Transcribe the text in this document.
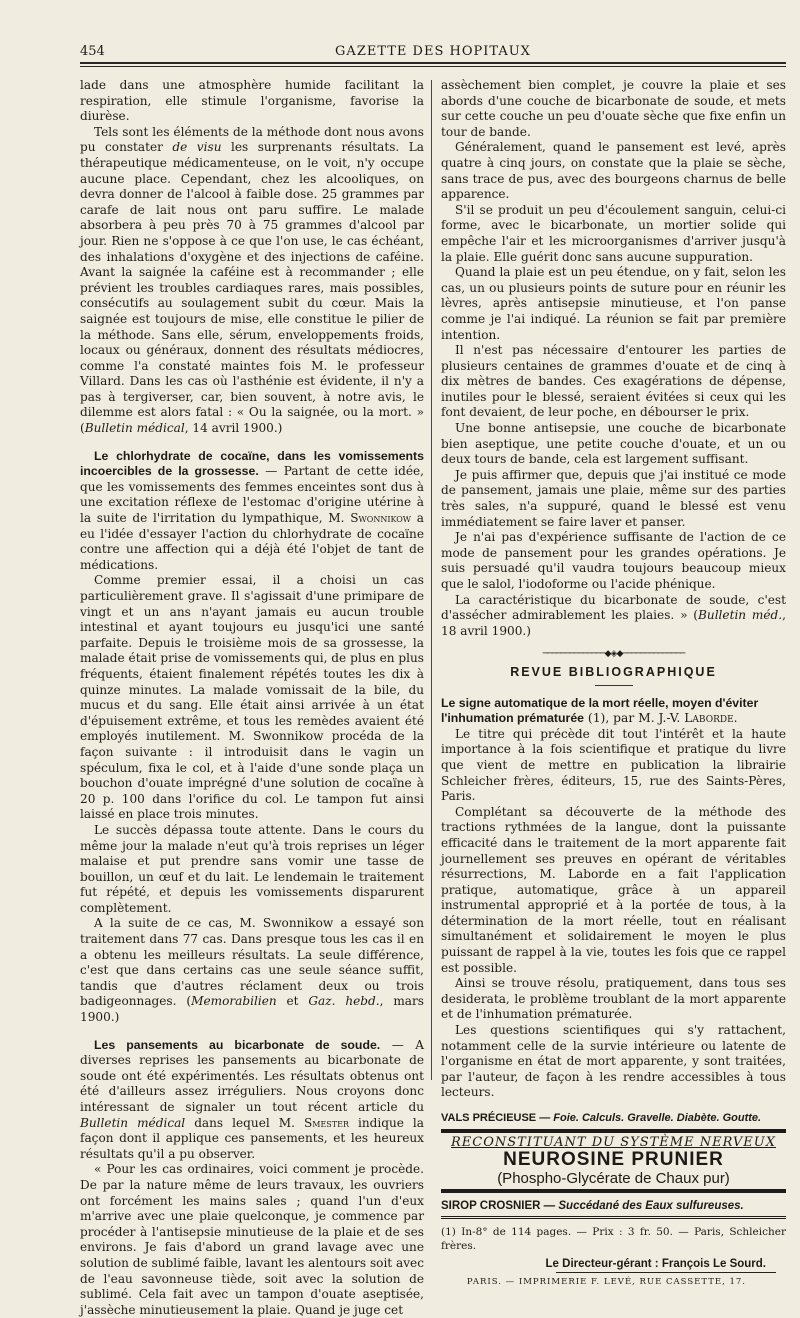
454	GAZETTE DES HOPITAUX

lade dans une atmosphère humide facilitant la respiration, elle stimule l'organisme, favorise la diurèse.

Tels sont les éléments de la méthode dont nous avons pu constater de visu les surprenants résultats. La thérapeutique médicamenteuse, on le voit, n'y occupe aucune place. Cependant, chez les alcooliques, on devra donner de l'alcool à faible dose. 25 grammes par carafe de lait nous ont paru suffire. Le malade absorbera à peu près 70 à 75 grammes d'alcool par jour. Rien ne s'oppose à ce que l'on use, le cas échéant, des inhalations d'oxygène et des injections de caféine. Avant la saignée la caféine est à recommander ; elle prévient les troubles cardiaques rares, mais possibles, consécutifs au soulagement subit du cœur. Mais la saignée est toujours de mise, elle constitue le pilier de la méthode. Sans elle, sérum, enveloppements froids, locaux ou généraux, donnent des résultats médiocres, comme l'a constaté maintes fois M. le professeur Villard. Dans les cas où l'asthénie est évidente, il n'y a pas à tergiverser, car, bien souvent, à notre avis, le dilemme est alors fatal : « Ou la saignée, ou la mort. » (Bulletin médical, 14 avril 1900.)

Le chlorhydrate de cocaïne, dans les vomissements incoercibles de la grossesse. — Partant de cette idée, que les vomissements des femmes enceintes sont dus à une excitation réflexe de l'estomac d'origine utérine à la suite de l'irritation du lympathique, M. Swonnikow a eu l'idée d'essayer l'action du chlorhydrate de cocaïne contre une affection qui a déjà été l'objet de tant de médications.

Comme premier essai, il a choisi un cas particulièrement grave. Il s'agissait d'une primipare de vingt et un ans n'ayant jamais eu aucun trouble intestinal et ayant toujours eu jusqu'ici une santé parfaite. Depuis le troisième mois de sa grossesse, la malade était prise de vomissements qui, de plus en plus fréquents, étaient finalement répétés toutes les dix à quinze minutes. La malade vomissait de la bile, du mucus et du sang. Elle était ainsi arrivée à un état d'épuisement extrême, et tous les remèdes avaient été employés inutilement. M. Swonnikow procéda de la façon suivante : il introduisit dans le vagin un spéculum, fixa le col, et à l'aide d'une sonde plaça un bouchon d'ouate imprégné d'une solution de cocaïne à 20 p. 100 dans l'orifice du col. Le tampon fut ainsi laissé en place trois minutes.

Le succès dépassa toute attente. Dans le cours du même jour la malade n'eut qu'à trois reprises un léger malaise et put prendre sans vomir une tasse de bouillon, un œuf et du lait. Le lendemain le traitement fut répété, et depuis les vomissements disparurent complètement.

A la suite de ce cas, M. Swonnikow a essayé son traitement dans 77 cas. Dans presque tous les cas il en a obtenu les meilleurs résultats. La seule différence, c'est que dans certains cas une seule séance suffit, tandis que d'autres réclament deux ou trois badigeonnages. (Memorabilien et Gaz. hebd., mars 1900.)

Les pansements au bicarbonate de soude. — A diverses reprises les pansements au bicarbonate de soude ont été expérimentés. Les résultats obtenus ont été d'ailleurs assez irréguliers. Nous croyons donc intéressant de signaler un tout récent article du Bulletin médical dans lequel M. Smester indique la façon dont il applique ces pansements, et les heureux résultats qu'il a pu observer.

« Pour les cas ordinaires, voici comment je procède. De par la nature même de leurs travaux, les ouvriers ont forcément les mains sales ; quand l'un d'eux m'arrive avec une plaie quelconque, je commence par procéder à l'antisepsie minutieuse de la plaie et de ses environs. Je fais d'abord un grand lavage avec une solution de sublimé faible, lavant les alentours soit avec de l'eau savonneuse tiède, soit avec la solution de sublimé. Cela fait avec un tampon d'ouate aseptisée, j'assèche minutieusement la plaie. Quand je juge cet

assèchement bien complet, je couvre la plaie et ses abords d'une couche de bicarbonate de soude, et mets sur cette couche un peu d'ouate sèche que fixe enfin un tour de bande.

Généralement, quand le pansement est levé, après quatre à cinq jours, on constate que la plaie se sèche, sans trace de pus, avec des bourgeons charnus de belle apparence.

S'il se produit un peu d'écoulement sanguin, celui-ci forme, avec le bicarbonate, un mortier solide qui empêche l'air et les microorganismes d'arriver jusqu'à la plaie. Elle guérit donc sans aucune suppuration.

Quand la plaie est un peu étendue, on y fait, selon les cas, un ou plusieurs points de suture pour en réunir les lèvres, après antisepsie minutieuse, et l'on panse comme je l'ai indiqué. La réunion se fait par première intention.

Il n'est pas nécessaire d'entourer les parties de plusieurs centaines de grammes d'ouate et de cinq à dix mètres de bandes. Ces exagérations de dépense, inutiles pour le blessé, seraient évitées si ceux qui les font devaient, de leur poche, en débourser le prix.

Une bonne antisepsie, une couche de bicarbonate bien aseptique, une petite couche d'ouate, et un ou deux tours de bande, cela est largement suffisant.

Je puis affirmer que, depuis que j'ai institué ce mode de pansement, jamais une plaie, même sur des parties très sales, n'a suppuré, quand le blessé est venu immédiatement se faire laver et panser.

Je n'ai pas d'expérience suffisante de l'action de ce mode de pansement pour les grandes opérations. Je suis persuadé qu'il vaudra toujours beaucoup mieux que le salol, l'iodoforme ou l'acide phénique.

La caractéristique du bicarbonate de soude, c'est d'assécher admirablement les plaies. » (Bulletin méd., 18 avril 1900.)

──────────────◆◈◆──────────────
REVUE BIBLIOGRAPHIQUE

Le signe automatique de la mort réelle, moyen d'éviter l'inhumation prématurée (1), par M. J.-V. Laborde.

Le titre qui précède dit tout l'intérêt et la haute importance à la fois scientifique et pratique du livre que vient de mettre en publication la librairie Schleicher frères, éditeurs, 15, rue des Saints-Pères, Paris.

Complétant sa découverte de la méthode des tractions rythmées de la langue, dont la puissante efficacité dans le traitement de la mort apparente fait journellement ses preuves en opérant de véritables résurrections, M. Laborde en a fait l'application pratique, automatique, grâce à un appareil instrumental approprié et à la portée de tous, à la détermination de la mort réelle, tout en réalisant simultanément et solidairement le moyen le plus puissant de rappel à la vie, toutes les fois que ce rappel est possible.

Ainsi se trouve résolu, pratiquement, dans tous ses desiderata, le problème troublant de la mort apparente et de l'inhumation prématurée.

Les questions scientifiques qui s'y rattachent, notamment celle de la survie intérieure ou latente de l'organisme en état de mort apparente, y sont traitées, par l'auteur, de façon à les rendre accessibles à tous lecteurs.

VALS PRÉCIEUSE — Foie. Calculs. Gravelle. Diabète. Goutte.
RECONSTITUANT DU SYSTÈME NERVEUX
NEUROSINE PRUNIER
(Phospho-Glycérate de Chaux pur)
SIROP CROSNIER — Succédané des Eaux sulfureuses.
(1) In-8° de 114 pages. — Prix : 3 fr. 50. — Paris, Schleicher frères.
Le Directeur-gérant : François Le Sourd.
PARIS. — IMPRIMERIE F. LEVÉ, RUE CASSETTE, 17.
